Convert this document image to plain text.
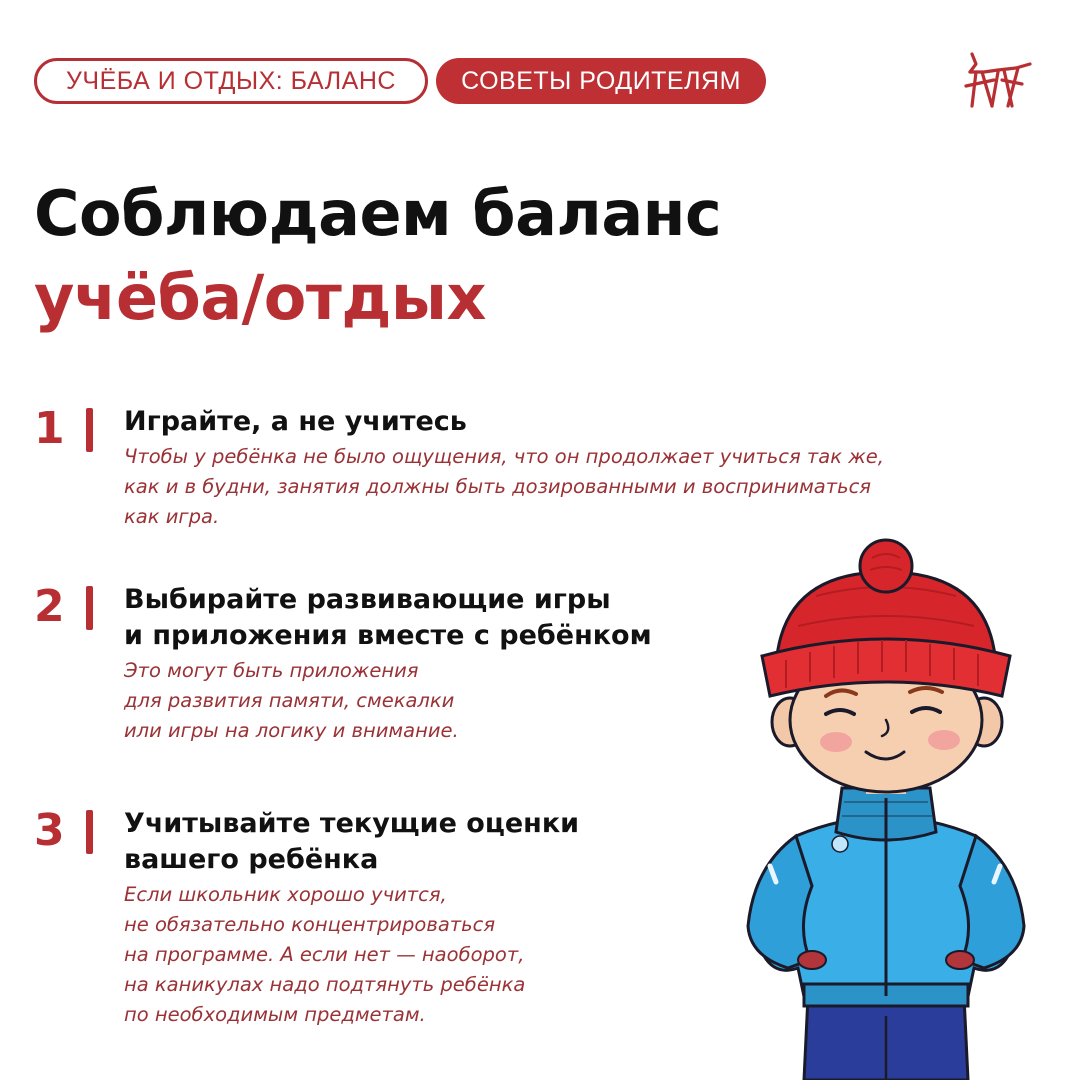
УЧЁБА И ОТДЫХ: БАЛАНС	СОВЕТЫ РОДИТЕЛЯМ
Соблюдаем баланс
учёба/отдых
1	Играйте, а не учитесь
Чтобы у ребёнка не было ощущения, что он продолжает учиться так же,
как и в будни, занятия должны быть дозированными и восприниматься
как игра.
2	Выбирайте развивающие игры
и приложения вместе с ребёнком
Это могут быть приложения
для развития памяти, смекалки
или игры на логику и внимание.
3	Учитывайте текущие оценки
вашего ребёнка
Если школьник хорошо учится,
не обязательно концентрироваться
на программе. А если нет — наоборот,
на каникулах надо подтянуть ребёнка
по необходимым предметам.
